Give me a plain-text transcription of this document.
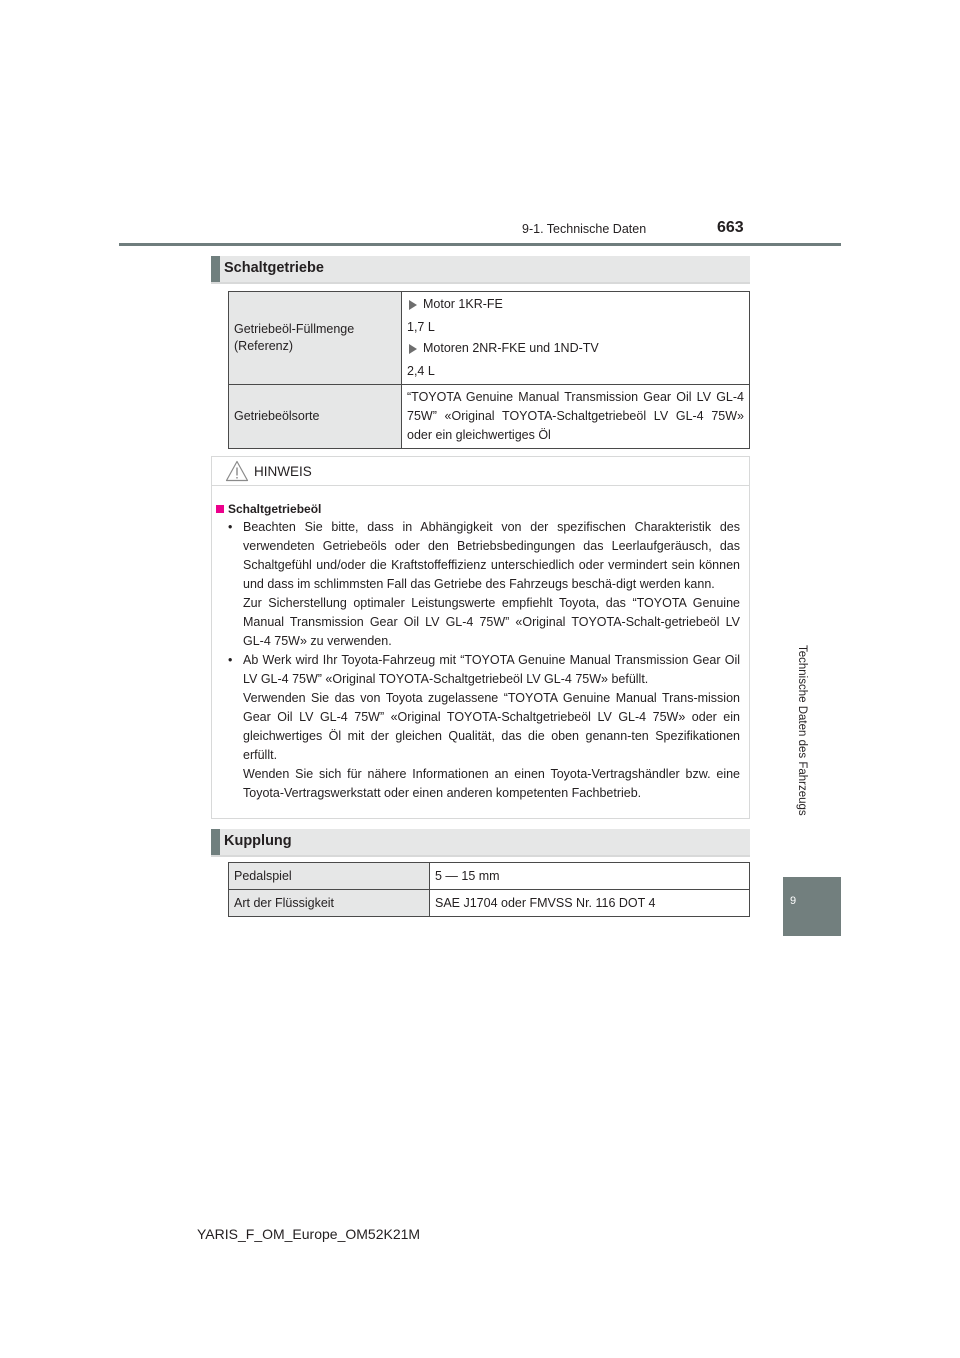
9-1. Technische Daten	663
Technische Daten des Fahrzeugs
9
Schaltgetriebe
Getriebeöl-Füllmenge (Referenz)	Motor 1KR-FE
1,7 L
Motoren 2NR-FKE und 1ND-TV
2,4 L

Getriebeölsorte	“TOYOTA Genuine Manual Transmission Gear Oil LV GL-4 75W” «Original TOYOTA-Schaltgetriebeöl LV GL-4 75W» oder ein gleichwertiges Öl
HINWEIS
Schaltgetriebeöl
• Beachten Sie bitte, dass in Abhängigkeit von der spezifischen Charakteristik des verwendeten Getriebeöls oder den Betriebsbedingungen das Leerlaufgeräusch, das Schaltgefühl und/oder die Kraftstoffeffizienz unterschiedlich oder vermindert sein können und dass im schlimmsten Fall das Getriebe des Fahrzeugs beschä-digt werden kann.
Zur Sicherstellung optimaler Leistungswerte empfiehlt Toyota, das “TOYOTA Genuine Manual Transmission Gear Oil LV GL-4 75W” «Original TOYOTA-Schalt-getriebeöl LV GL-4 75W» zu verwenden.
• Ab Werk wird Ihr Toyota-Fahrzeug mit “TOYOTA Genuine Manual Transmission Gear Oil LV GL-4 75W” «Original TOYOTA-Schaltgetriebeöl LV GL-4 75W» befüllt.
Verwenden Sie das von Toyota zugelassene “TOYOTA Genuine Manual Trans-mission Gear Oil LV GL-4 75W” «Original TOYOTA-Schaltgetriebeöl LV GL-4 75W» oder ein gleichwertiges Öl mit der gleichen Qualität, das die oben genann-ten Spezifikationen erfüllt.
Wenden Sie sich für nähere Informationen an einen Toyota-Vertragshändler bzw. eine Toyota-Vertragswerkstatt oder einen anderen kompetenten Fachbetrieb.
Kupplung
Pedalspiel	5 — 15 mm
Art der Flüssigkeit	SAE J1704 oder FMVSS Nr. 116 DOT 4
YARIS_F_OM_Europe_OM52K21M
